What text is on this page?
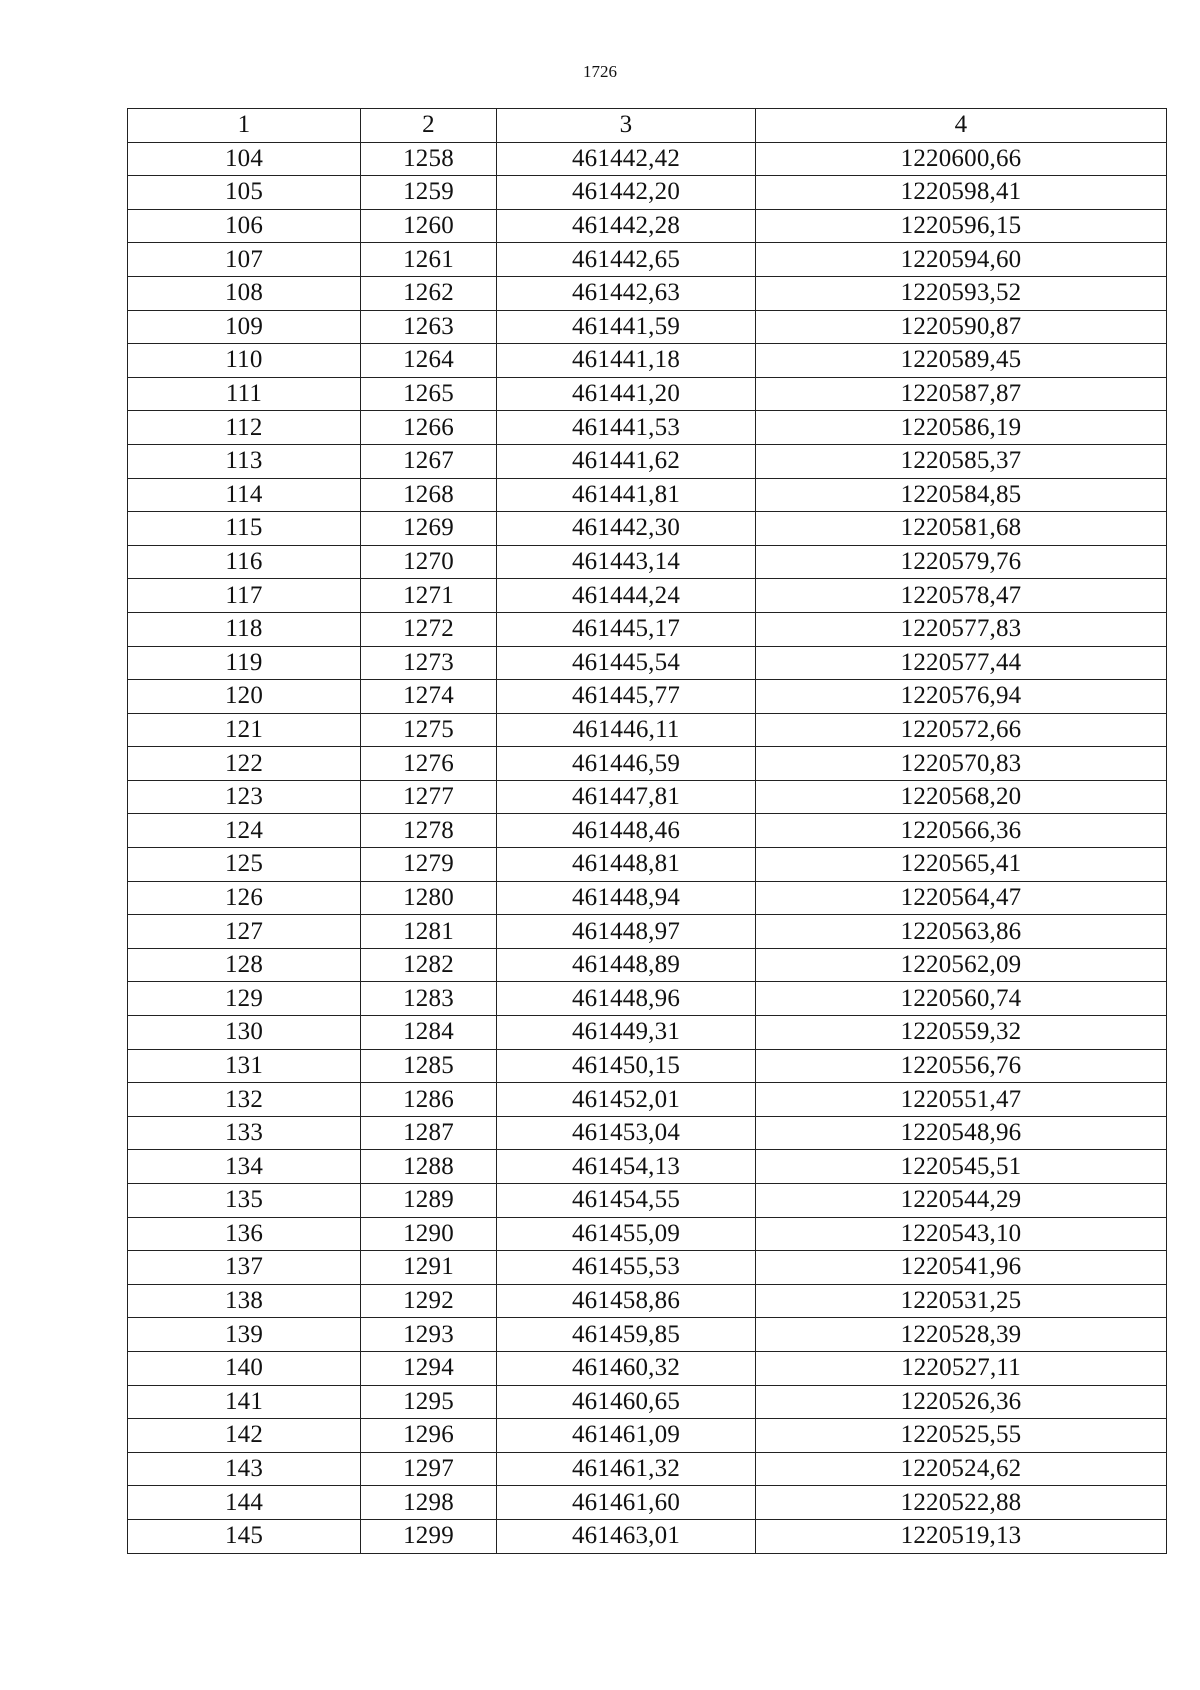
1726
1	2	3	4
104	1258	461442,42	1220600,66
105	1259	461442,20	1220598,41
106	1260	461442,28	1220596,15
107	1261	461442,65	1220594,60
108	1262	461442,63	1220593,52
109	1263	461441,59	1220590,87
110	1264	461441,18	1220589,45
111	1265	461441,20	1220587,87
112	1266	461441,53	1220586,19
113	1267	461441,62	1220585,37
114	1268	461441,81	1220584,85
115	1269	461442,30	1220581,68
116	1270	461443,14	1220579,76
117	1271	461444,24	1220578,47
118	1272	461445,17	1220577,83
119	1273	461445,54	1220577,44
120	1274	461445,77	1220576,94
121	1275	461446,11	1220572,66
122	1276	461446,59	1220570,83
123	1277	461447,81	1220568,20
124	1278	461448,46	1220566,36
125	1279	461448,81	1220565,41
126	1280	461448,94	1220564,47
127	1281	461448,97	1220563,86
128	1282	461448,89	1220562,09
129	1283	461448,96	1220560,74
130	1284	461449,31	1220559,32
131	1285	461450,15	1220556,76
132	1286	461452,01	1220551,47
133	1287	461453,04	1220548,96
134	1288	461454,13	1220545,51
135	1289	461454,55	1220544,29
136	1290	461455,09	1220543,10
137	1291	461455,53	1220541,96
138	1292	461458,86	1220531,25
139	1293	461459,85	1220528,39
140	1294	461460,32	1220527,11
141	1295	461460,65	1220526,36
142	1296	461461,09	1220525,55
143	1297	461461,32	1220524,62
144	1298	461461,60	1220522,88
145	1299	461463,01	1220519,13
